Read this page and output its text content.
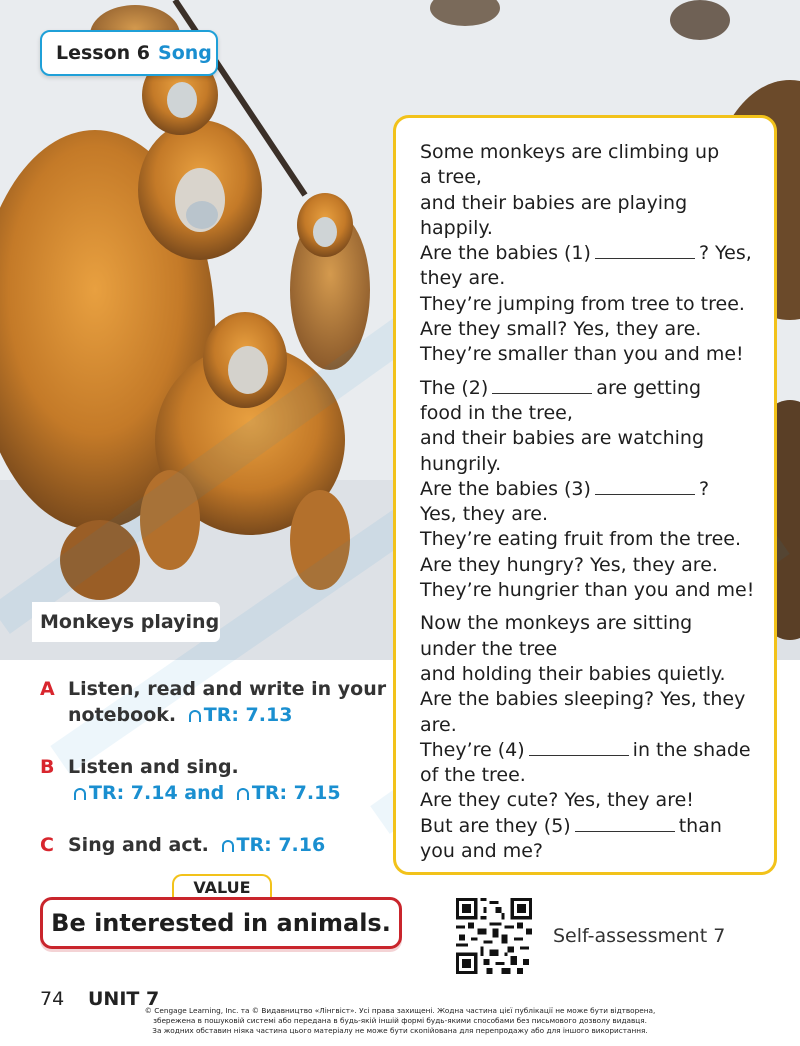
Lesson 6 Song
Monkeys playing
Some monkeys are climbing up
a tree,
and their babies are playing
happily.
Are the babies (1)	? Yes,
they are.
They’re jumping from tree to tree.
Are they small? Yes, they are.
They’re smaller than you and me!
The (2)	are getting
food in the tree,
and their babies are watching
hungrily.
Are the babies (3)	?
Yes, they are.
They’re eating fruit from the tree.
Are they hungry? Yes, they are.
They’re hungrier than you and me!
Now the monkeys are sitting
under the tree
and holding their babies quietly.
Are the babies sleeping? Yes, they
are.
They’re (4)	in the shade
of the tree.
Are they cute? Yes, they are!
But are they (5)	than
you and me?
A Listen, read and write in your notebook. TR: 7.13
B Listen and sing. TR: 7.14 and TR: 7.15
C Sing and act. TR: 7.16
VALUE
Be interested in animals.	Self-assessment 7
74 UNIT 7
© Cengage Learning, Inc. та © Видавництво «Лінгвіст». Усі права захищені. Жодна частина цієї публікації не може бути відтворена,
збережена в пошуковій системі або передана в будь-якій іншій формі будь-якими способами без письмового дозволу видавця.
За жодних обставин ніяка частина цього матеріалу не може бути скопійована для перепродажу або для іншого використання.
